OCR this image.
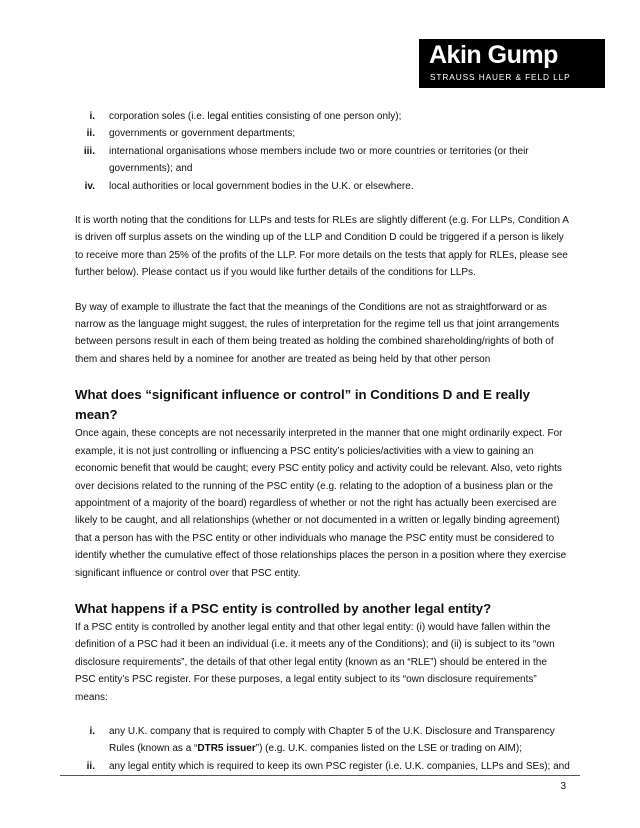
Akin Gump
STRAUSS HAUER & FELD LLP
i. corporation soles (i.e. legal entities consisting of one person only);
ii. governments or government departments;
iii. international organisations whose members include two or more countries or territories (or their governments); and
iv. local authorities or local government bodies in the U.K. or elsewhere.

It is worth noting that the conditions for LLPs and tests for RLEs are slightly different (e.g. For LLPs, Condition A is driven off surplus assets on the winding up of the LLP and Condition D could be triggered if a person is likely to receive more than 25% of the profits of the LLP. For more details on the tests that apply for RLEs, please see further below). Please contact us if you would like further details of the conditions for LLPs.

By way of example to illustrate the fact that the meanings of the Conditions are not as straightforward or as narrow as the language might suggest, the rules of interpretation for the regime tell us that joint arrangements between persons result in each of them being treated as holding the combined shareholding/rights of both of them and shares held by a nominee for another are treated as being held by that other person

What does “significant influence or control” in Conditions D and E really mean?

Once again, these concepts are not necessarily interpreted in the manner that one might ordinarily expect. For example, it is not just controlling or influencing a PSC entity’s policies/activities with a view to gaining an economic benefit that would be caught; every PSC entity policy and activity could be relevant. Also, veto rights over decisions related to the running of the PSC entity (e.g. relating to the adoption of a business plan or the appointment of a majority of the board) regardless of whether or not the right has actually been exercised are likely to be caught, and all relationships (whether or not documented in a written or legally binding agreement) that a person has with the PSC entity or other individuals who manage the PSC entity must be considered to identify whether the cumulative effect of those relationships places the person in a position where they exercise significant influence or control over that PSC entity.

What happens if a PSC entity is controlled by another legal entity?

If a PSC entity is controlled by another legal entity and that other legal entity: (i) would have fallen within the definition of a PSC had it been an individual (i.e. it meets any of the Conditions); and (ii) is subject to its “own disclosure requirements”, the details of that other legal entity (known as an “RLE”) should be entered in the PSC entity’s PSC register. For these purposes, a legal entity subject to its “own disclosure requirements” means:

i. any U.K. company that is required to comply with Chapter 5 of the U.K. Disclosure and Transparency Rules (known as a “DTR5 issuer”) (e.g. U.K. companies listed on the LSE or trading on AIM);
ii. any legal entity which is required to keep its own PSC register (i.e. U.K. companies, LLPs and SEs); and
3
